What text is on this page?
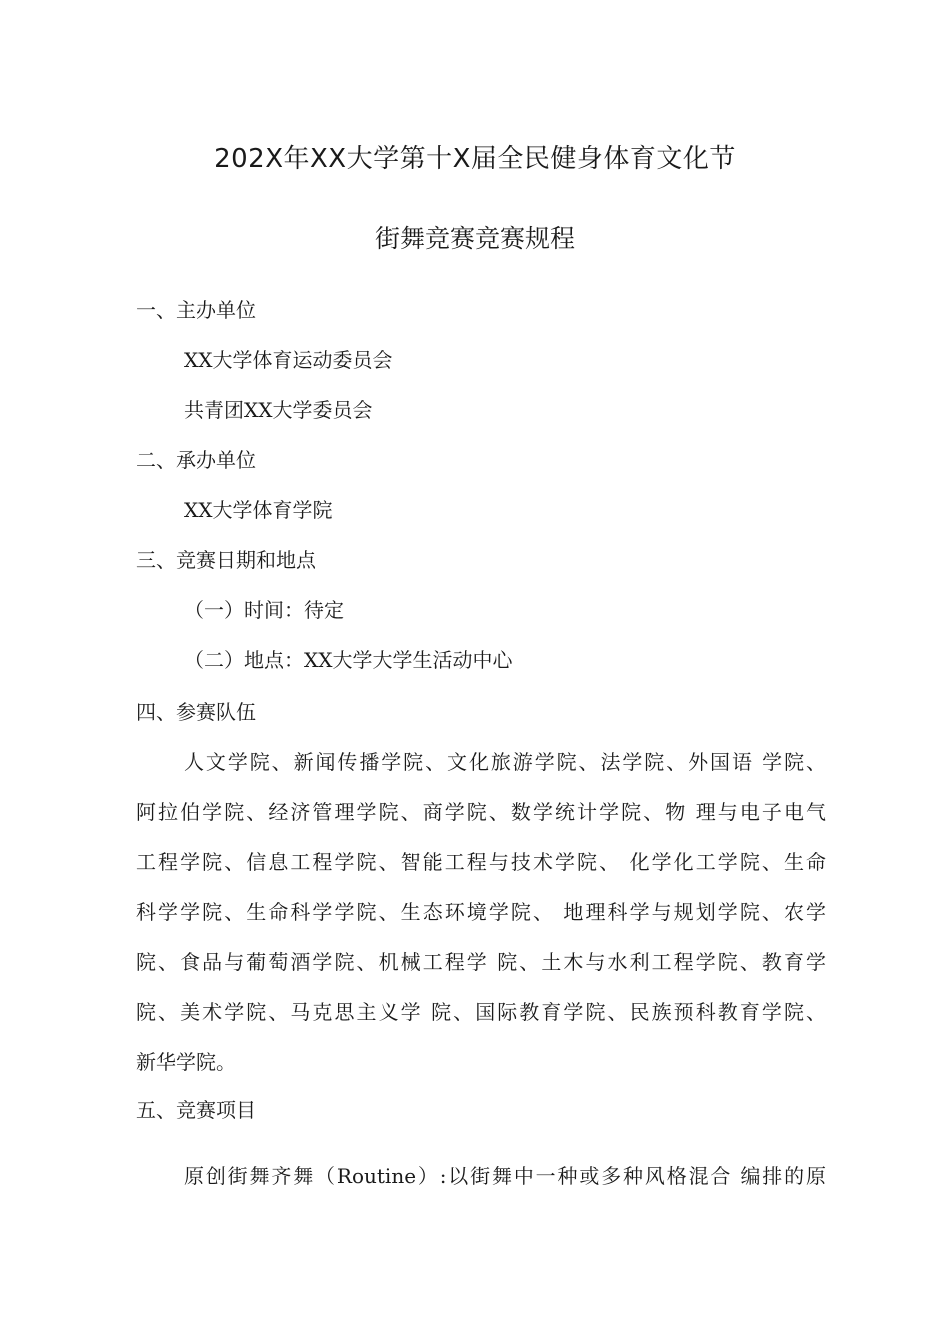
202X年XX大学第十X届全民健身体育文化节
街舞竞赛竞赛规程
一、主办单位
XX大学体育运动委员会
共青团XX大学委员会
二、承办单位
XX大学体育学院
三、竞赛日期和地点
（一）时间：待定
（二）地点：XX大学大学生活动中心
四、参赛队伍
人文学院、新闻传播学院、文化旅游学院、法学院、外国语 学院、
阿拉伯学院、经济管理学院、商学院、数学统计学院、物 理与电子电气
工程学院、信息工程学院、智能工程与技术学院、 化学化工学院、生命
科学学院、生命科学学院、生态环境学院、 地理科学与规划学院、农学
院、食品与葡萄酒学院、机械工程学 院、土木与水利工程学院、教育学
院、美术学院、马克思主义学 院、国际教育学院、民族预科教育学院、
新华学院。
五、竞赛项目
原创街舞齐舞（Routine）:以街舞中一种或多种风格混合 编排的原
